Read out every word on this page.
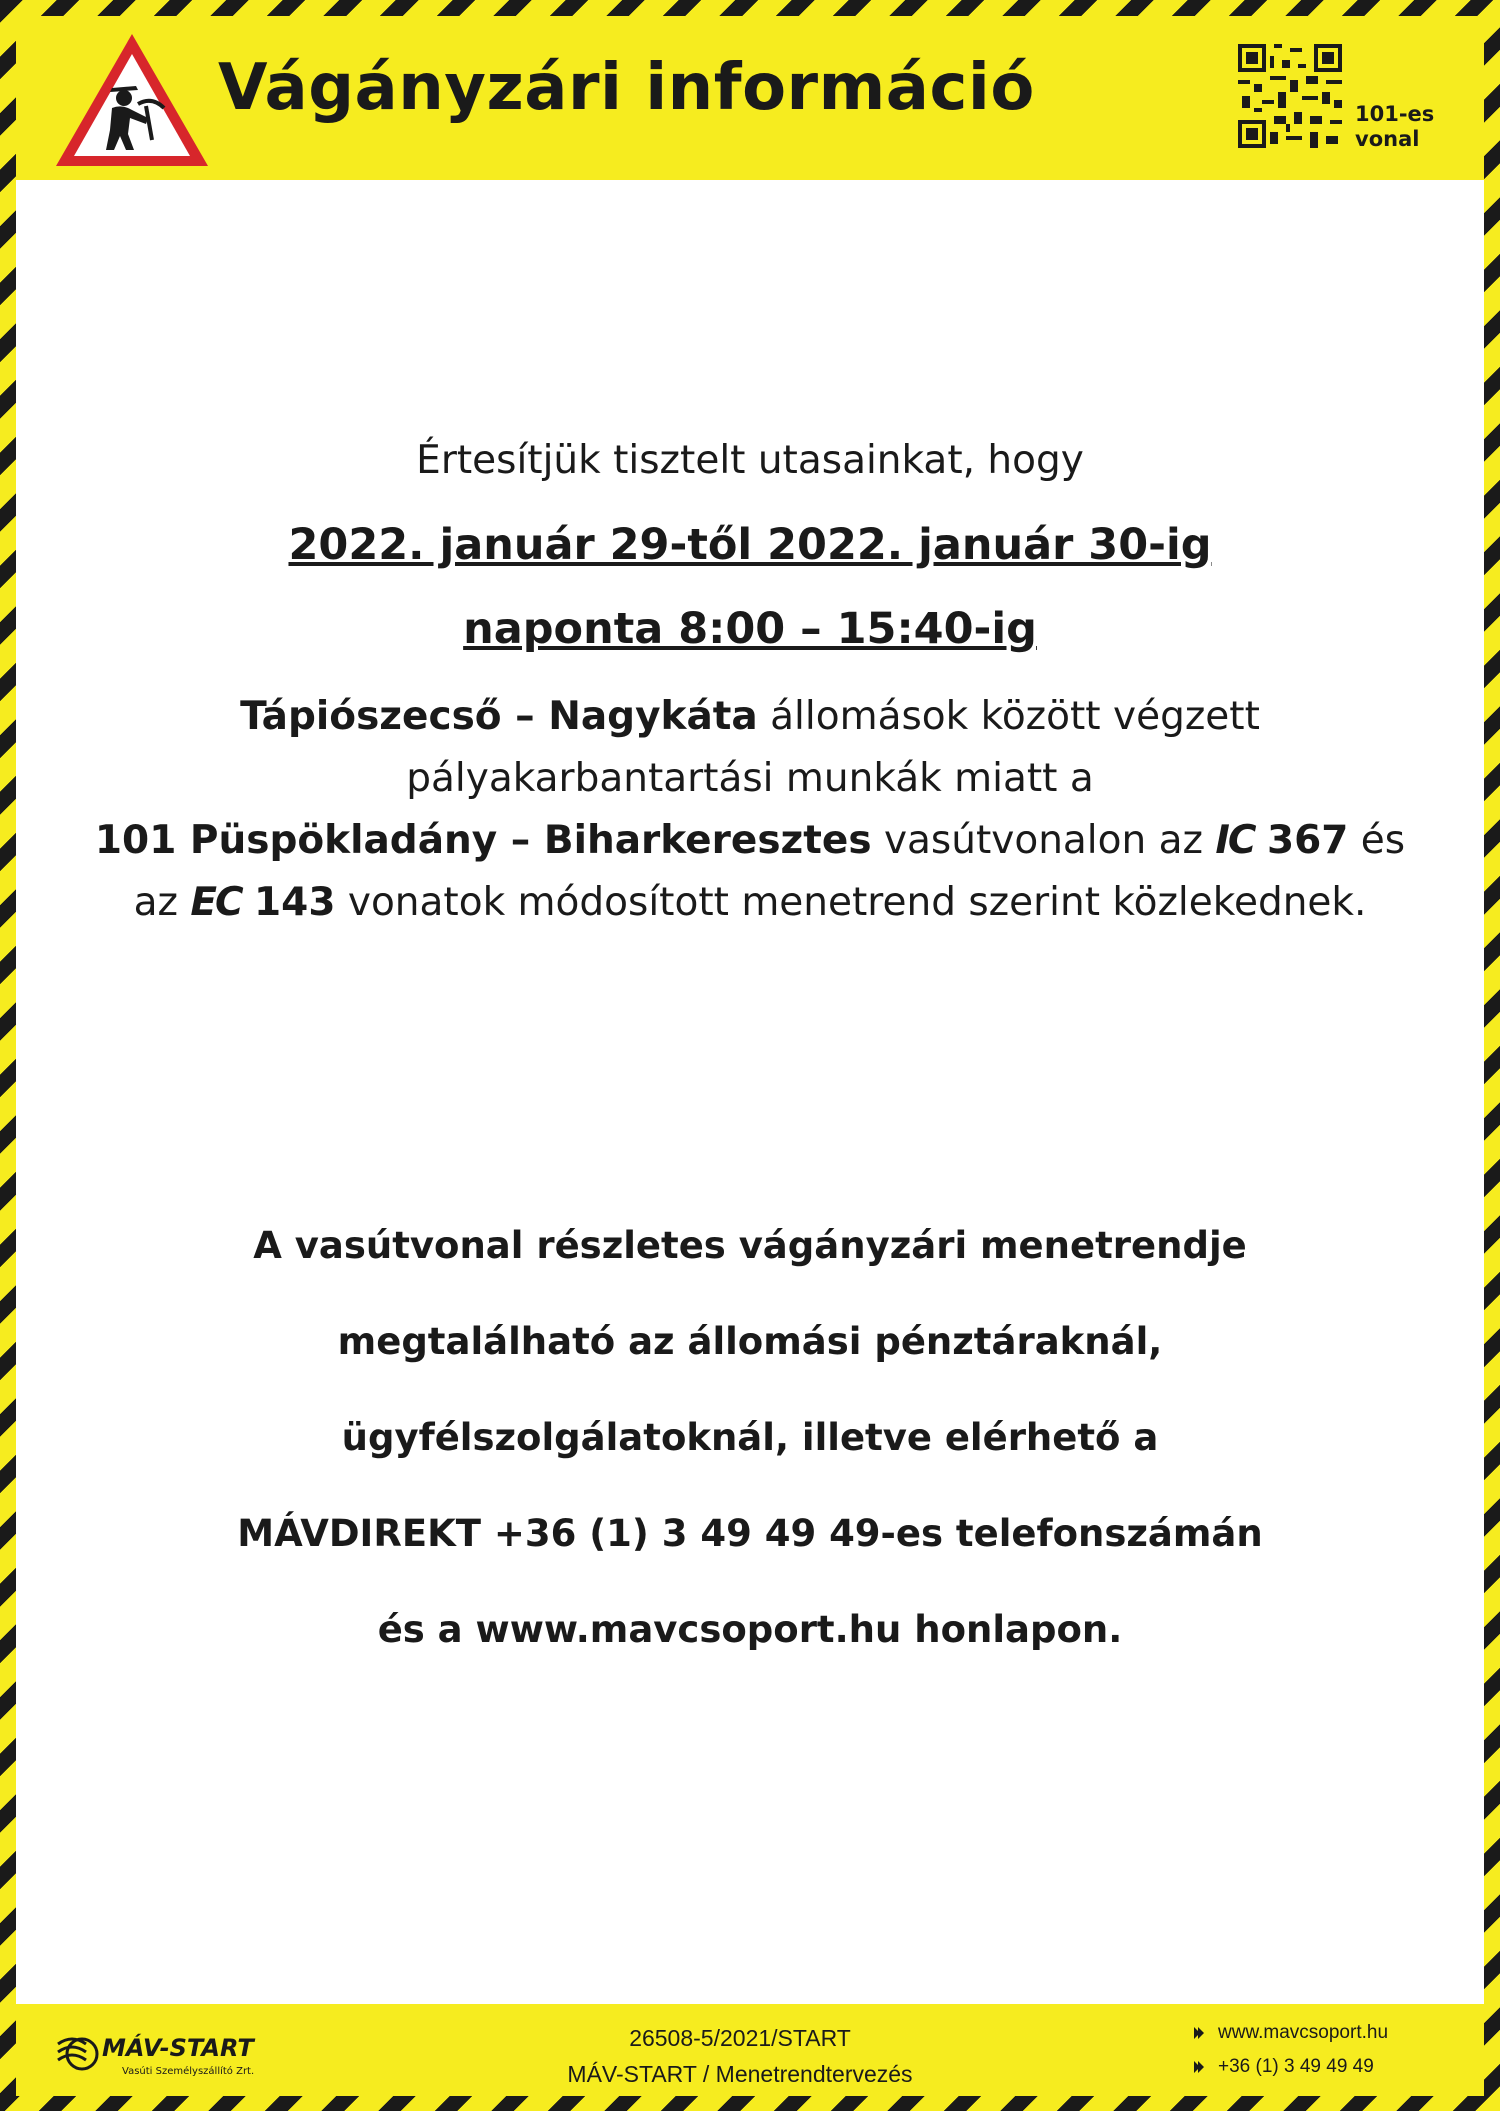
Vágányzári információ	101-es
vonal
Értesítjük tisztelt utasainkat, hogy
2022. január 29-től 2022. január 30-ig
naponta 8:00 – 15:40-ig
Tápiószecső – Nagykáta állomások között végzett
pályakarbantartási munkák miatt a
101 Püspökladány – Biharkeresztes vasútvonalon az IC 367 és
az EC 143 vonatok módosított menetrend szerint közlekednek.
A vasútvonal részletes vágányzári menetrendje
megtalálható az állomási pénztáraknál,
ügyfélszolgálatoknál, illetve elérhető a
MÁVDIREKT +36 (1) 3 49 49 49-es telefonszámán
és a www.mavcsoport.hu honlapon.
MÁV-START
Vasúti Személyszállító Zrt.
26508-5/2021/START
MÁV-START / Menetrendtervezés
www.mavcsoport.hu
+36 (1) 3 49 49 49
